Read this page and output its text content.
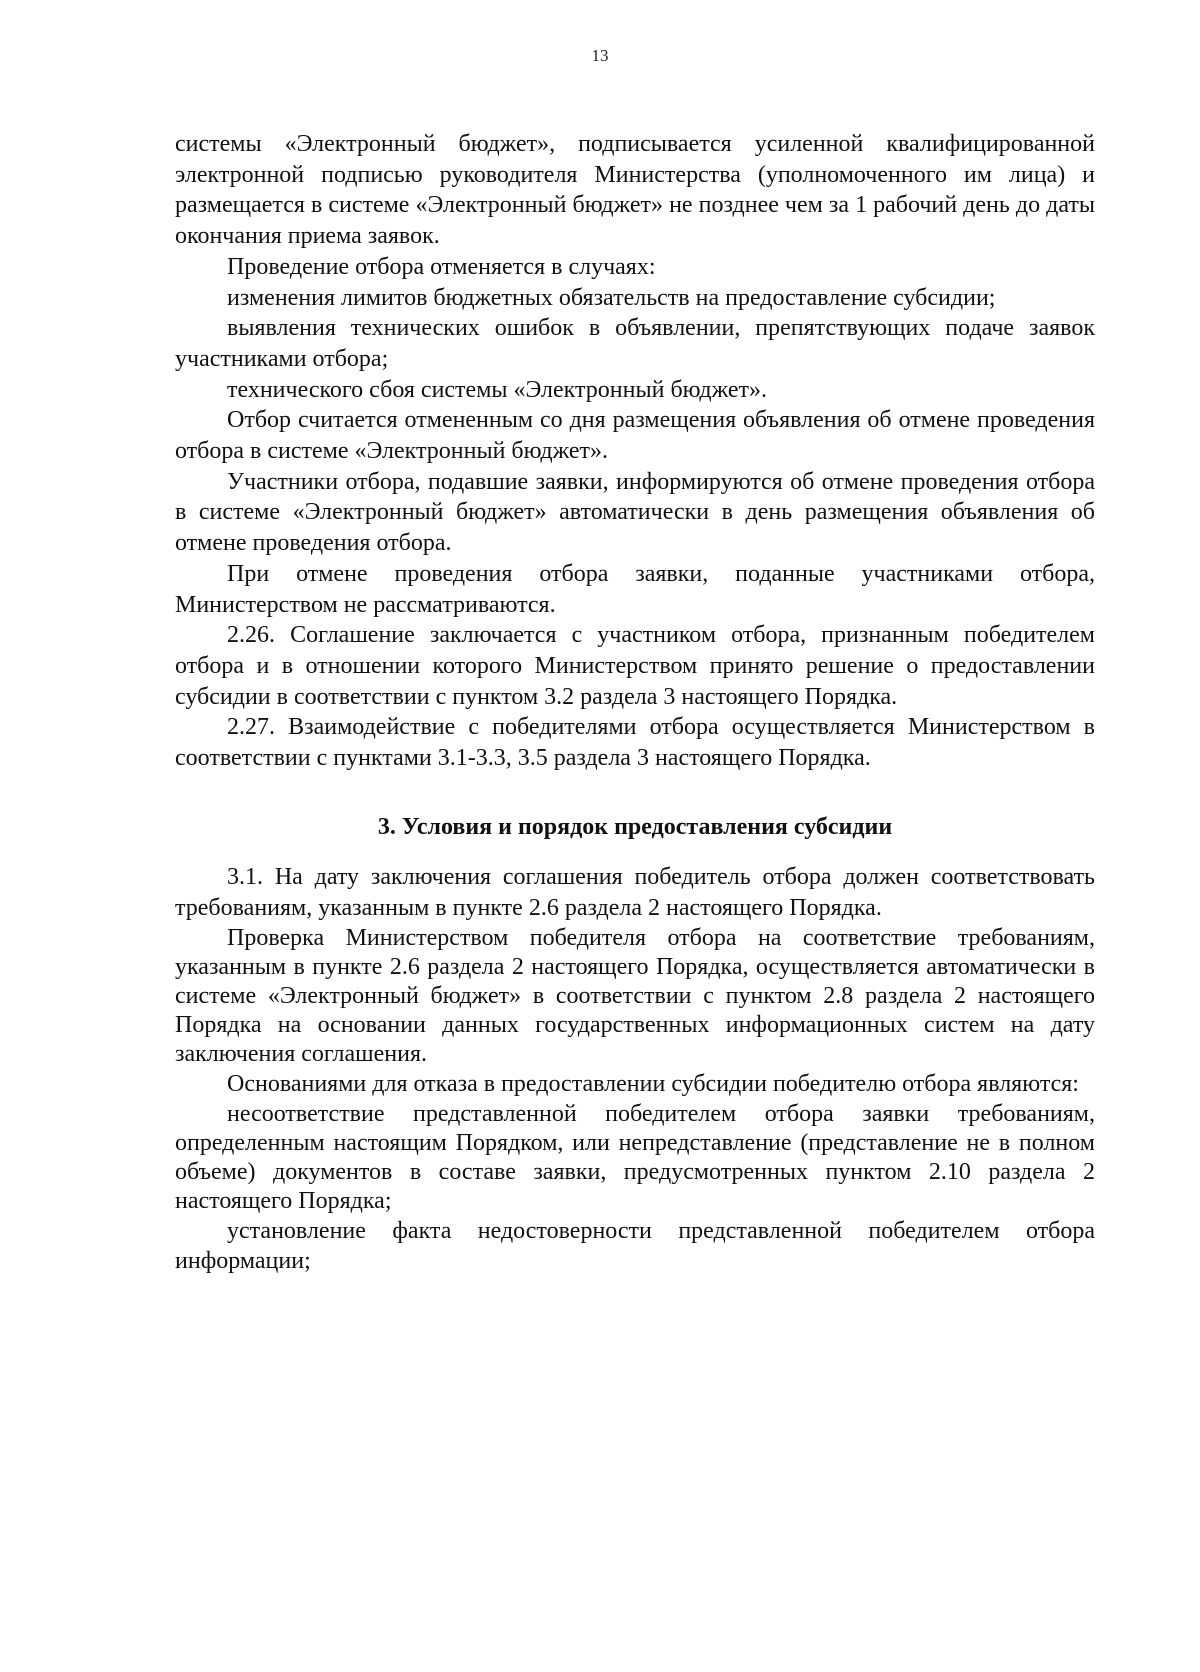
13

системы «Электронный бюджет», подписывается усиленной квалифицированной электронной подписью руководителя Министерства (уполномоченного им лица) и размещается в системе «Электронный бюджет» не позднее чем за 1 рабочий день до даты окончания приема заявок.

Проведение отбора отменяется в случаях:

изменения лимитов бюджетных обязательств на предоставление субсидии;

выявления технических ошибок в объявлении, препятствующих подаче заявок участниками отбора;

технического сбоя системы «Электронный бюджет».

Отбор считается отмененным со дня размещения объявления об отмене проведения отбора в системе «Электронный бюджет».

Участники отбора, подавшие заявки, информируются об отмене проведения отбора в системе «Электронный бюджет» автоматически в день размещения объявления об отмене проведения отбора.

При отмене проведения отбора заявки, поданные участниками отбора, Министерством не рассматриваются.

2.26. Соглашение заключается с участником отбора, признанным победителем отбора и в отношении которого Министерством принято решение о предоставлении субсидии в соответствии с пунктом 3.2 раздела 3 настоящего Порядка.

2.27. Взаимодействие с победителями отбора осуществляется Министерством в соответствии с пунктами 3.1-3.3, 3.5 раздела 3 настоящего Порядка.

3. Условия и порядок предоставления субсидии

3.1. На дату заключения соглашения победитель отбора должен соответствовать требованиям, указанным в пункте 2.6 раздела 2 настоящего Порядка.

Проверка Министерством победителя отбора на соответствие требованиям, указанным в пункте 2.6 раздела 2 настоящего Порядка, осуществляется автоматически в системе «Электронный бюджет» в соответствии с пунктом 2.8 раздела 2 настоящего Порядка на основании данных государственных информационных систем на дату заключения соглашения.

Основаниями для отказа в предоставлении субсидии победителю отбора являются:

несоответствие представленной победителем отбора заявки требованиям, определенным настоящим Порядком, или непредставление (представление не в полном объеме) документов в составе заявки, предусмотренных пунктом 2.10 раздела 2 настоящего Порядка;

установление факта недостоверности представленной победителем отбора информации;
